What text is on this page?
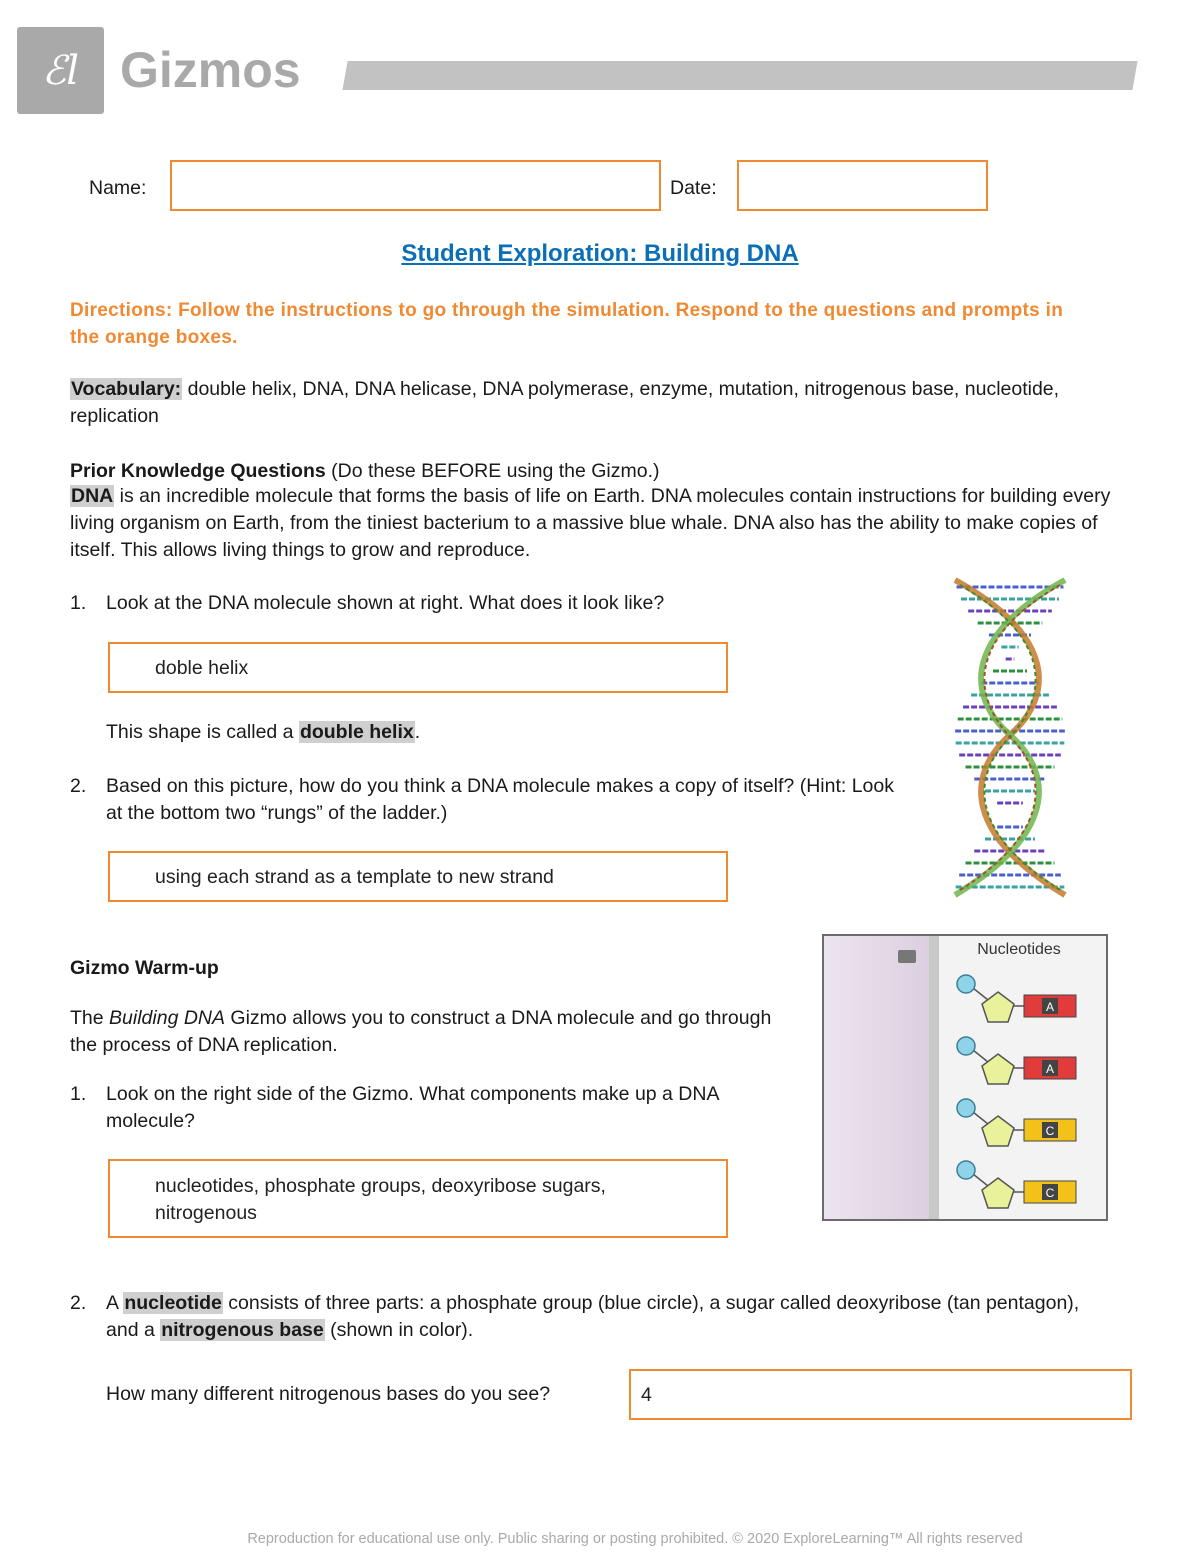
ℰl Gizmos
Name:	Date:
Student Exploration: Building DNA
Directions: Follow the instructions to go through the simulation. Respond to the questions and prompts in the orange boxes.
Vocabulary: double helix, DNA, DNA helicase, DNA polymerase, enzyme, mutation, nitrogenous base, nucleotide, replication
Prior Knowledge Questions (Do these BEFORE using the Gizmo.)
DNA is an incredible molecule that forms the basis of life on Earth. DNA molecules contain instructions for building every living organism on Earth, from the tiniest bacterium to a massive blue whale. DNA also has the ability to make copies of itself. This allows living things to grow and reproduce.
1. Look at the DNA molecule shown at right. What does it look like?
doble helix
This shape is called a double helix.
2. Based on this picture, how do you think a DNA molecule makes a copy of itself? (Hint: Look at the bottom two “rungs” of the ladder.)
using each strand as a template to new strand
Gizmo Warm-up
The Building DNA Gizmo allows you to construct a DNA molecule and go through the process of DNA replication.
1. Look on the right side of the Gizmo. What components make up a DNA molecule?
nucleotides, phosphate groups, deoxyribose sugars, nitrogenous
Nucleotides
A
A
C
C
2. A nucleotide consists of three parts: a phosphate group (blue circle), a sugar called deoxyribose (tan pentagon), and a nitrogenous base (shown in color).
How many different nitrogenous bases do you see?	4
Reproduction for educational use only. Public sharing or posting prohibited. © 2020 ExploreLearning™ All rights reserved
